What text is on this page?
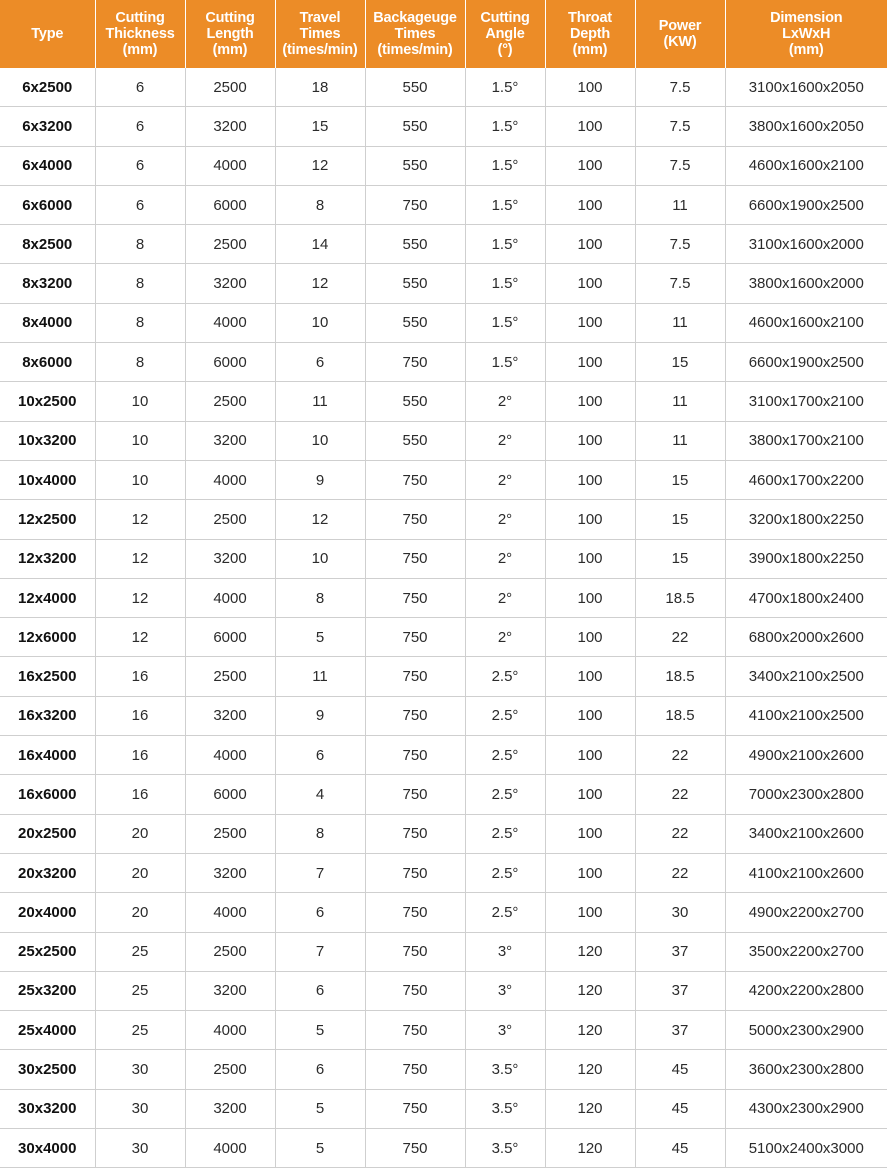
Type	Cutting
Thickness
(mm)	Cutting
Length
(mm)	Travel
Times
(times/min)	Backageuge
Times
(times/min)	Cutting
Angle
(°)	Throat
Depth
(mm)	Power
(KW)	Dimension
LxWxH
(mm)
6x2500	6	2500	18	550	1.5°	100	7.5	3100x1600x2050
6x3200	6	3200	15	550	1.5°	100	7.5	3800x1600x2050
6x4000	6	4000	12	550	1.5°	100	7.5	4600x1600x2100
6x6000	6	6000	8	750	1.5°	100	11	6600x1900x2500
8x2500	8	2500	14	550	1.5°	100	7.5	3100x1600x2000
8x3200	8	3200	12	550	1.5°	100	7.5	3800x1600x2000
8x4000	8	4000	10	550	1.5°	100	11	4600x1600x2100
8x6000	8	6000	6	750	1.5°	100	15	6600x1900x2500
10x2500	10	2500	11	550	2°	100	11	3100x1700x2100
10x3200	10	3200	10	550	2°	100	11	3800x1700x2100
10x4000	10	4000	9	750	2°	100	15	4600x1700x2200
12x2500	12	2500	12	750	2°	100	15	3200x1800x2250
12x3200	12	3200	10	750	2°	100	15	3900x1800x2250
12x4000	12	4000	8	750	2°	100	18.5	4700x1800x2400
12x6000	12	6000	5	750	2°	100	22	6800x2000x2600
16x2500	16	2500	11	750	2.5°	100	18.5	3400x2100x2500
16x3200	16	3200	9	750	2.5°	100	18.5	4100x2100x2500
16x4000	16	4000	6	750	2.5°	100	22	4900x2100x2600
16x6000	16	6000	4	750	2.5°	100	22	7000x2300x2800
20x2500	20	2500	8	750	2.5°	100	22	3400x2100x2600
20x3200	20	3200	7	750	2.5°	100	22	4100x2100x2600
20x4000	20	4000	6	750	2.5°	100	30	4900x2200x2700
25x2500	25	2500	7	750	3°	120	37	3500x2200x2700
25x3200	25	3200	6	750	3°	120	37	4200x2200x2800
25x4000	25	4000	5	750	3°	120	37	5000x2300x2900
30x2500	30	2500	6	750	3.5°	120	45	3600x2300x2800
30x3200	30	3200	5	750	3.5°	120	45	4300x2300x2900
30x4000	30	4000	5	750	3.5°	120	45	5100x2400x3000
